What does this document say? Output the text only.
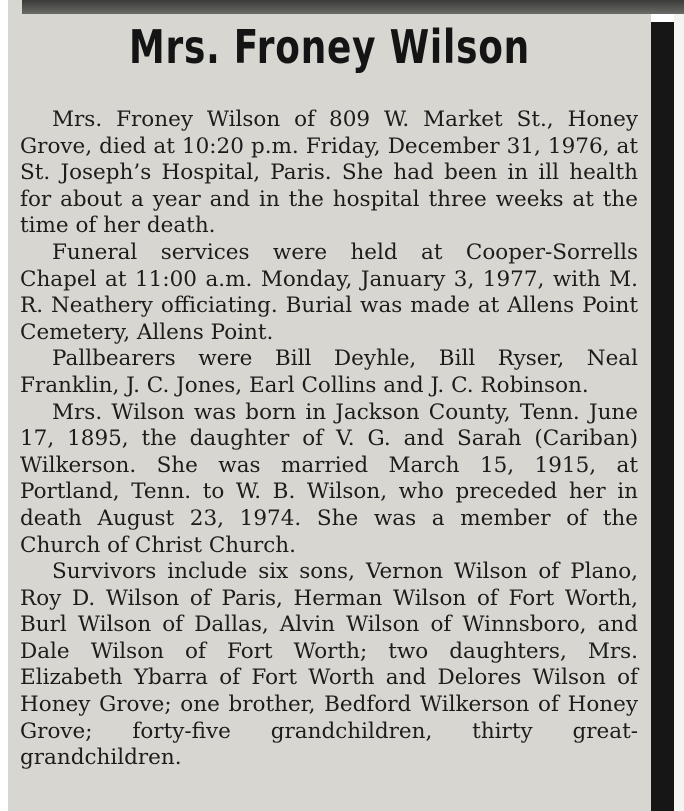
Mrs. Froney Wilson

Mrs. Froney Wilson of 809 W. Market St., Honey Grove, died at 10:20 p.m. Friday, December 31, 1976, at St. Joseph’s Hospital, Paris. She had been in ill health for about a year and in the hospital three weeks at the time of her death.

Funeral services were held at Cooper-Sorrells Chapel at 11:00 a.m. Monday, January 3, 1977, with M. R. Neathery officiating. Burial was made at Allens Point Cemetery, Allens Point.

Pallbearers were Bill Deyhle, Bill Ryser, Neal Franklin, J. C. Jones, Earl Collins and J. C. Robinson.

Mrs. Wilson was born in Jackson County, Tenn. June 17, 1895, the daughter of V. G. and Sarah (Cariban) Wilkerson. She was married March 15, 1915, at Portland, Tenn. to W. B. Wilson, who preceded her in death August 23, 1974. She was a member of the Church of Christ Church.

Survivors include six sons, Vernon Wilson of Plano, Roy D. Wilson of Paris, Herman Wilson of Fort Worth, Burl Wilson of Dallas, Alvin Wilson of Winnsboro, and Dale Wilson of Fort Worth; two daughters, Mrs. Elizabeth Ybarra of Fort Worth and Delores Wilson of Honey Grove; one brother, Bedford Wilkerson of Honey Grove; forty-five grandchildren, thirty great-grandchildren.
